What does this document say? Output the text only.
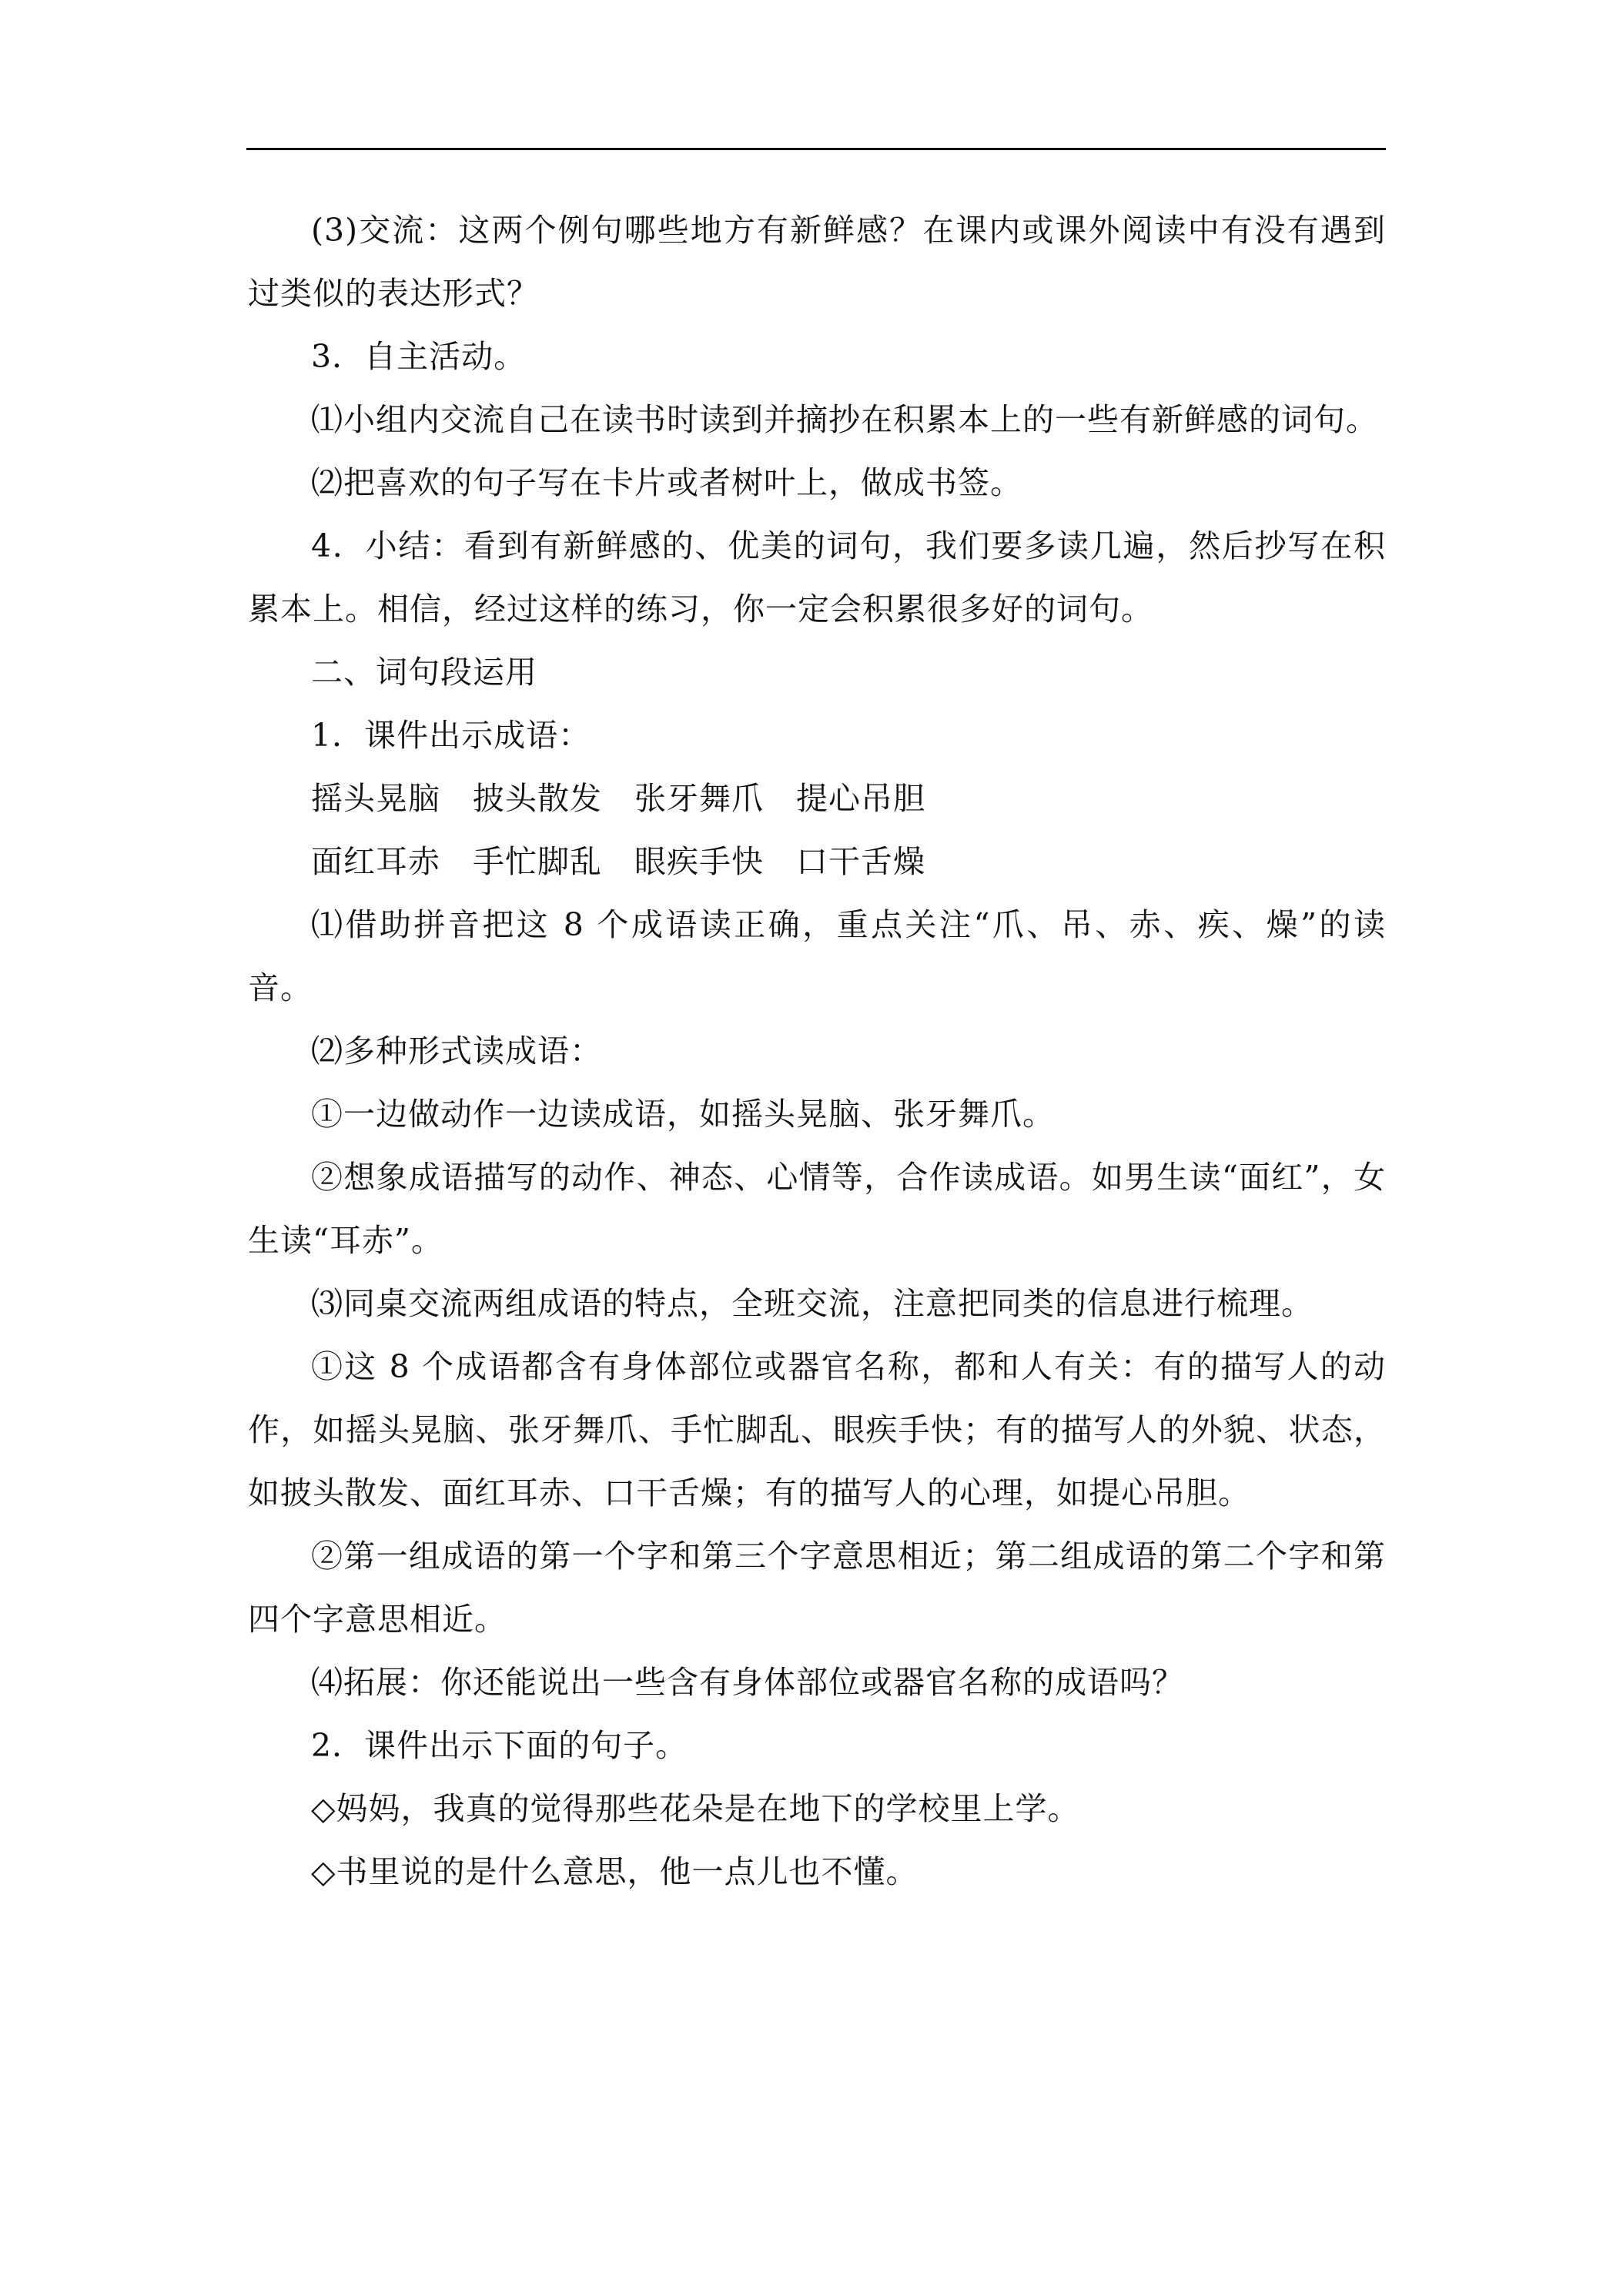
(3)交流：这两个例句哪些地方有新鲜感？在课内或课外阅读中有没有遇到过类似的表达形式？

3．自主活动。

⑴小组内交流自己在读书时读到并摘抄在积累本上的一些有新鲜感的词句。

⑵把喜欢的句子写在卡片或者树叶上，做成书签。

4．小结：看到有新鲜感的、优美的词句，我们要多读几遍，然后抄写在积累本上。相信，经过这样的练习，你一定会积累很多好的词句。

二、词句段运用

1．课件出示成语：

摇头晃脑 披头散发 张牙舞爪 提心吊胆

面红耳赤 手忙脚乱 眼疾手快 口干舌燥

⑴借助拼音把这 8 个成语读正确，重点关注“爪、吊、赤、疾、燥”的读音。

⑵多种形式读成语：

①一边做动作一边读成语，如摇头晃脑、张牙舞爪。

②想象成语描写的动作、神态、心情等，合作读成语。如男生读“面红”，女生读“耳赤”。

⑶同桌交流两组成语的特点，全班交流，注意把同类的信息进行梳理。

①这 8 个成语都含有身体部位或器官名称，都和人有关：有的描写人的动作，如摇头晃脑、张牙舞爪、手忙脚乱、眼疾手快；有的描写人的外貌、状态，如披头散发、面红耳赤、口干舌燥；有的描写人的心理，如提心吊胆。

②第一组成语的第一个字和第三个字意思相近；第二组成语的第二个字和第四个字意思相近。

⑷拓展：你还能说出一些含有身体部位或器官名称的成语吗？

2．课件出示下面的句子。

◇妈妈，我真的觉得那些花朵是在地下的学校里上学。

◇书里说的是什么意思，他一点儿也不懂。
